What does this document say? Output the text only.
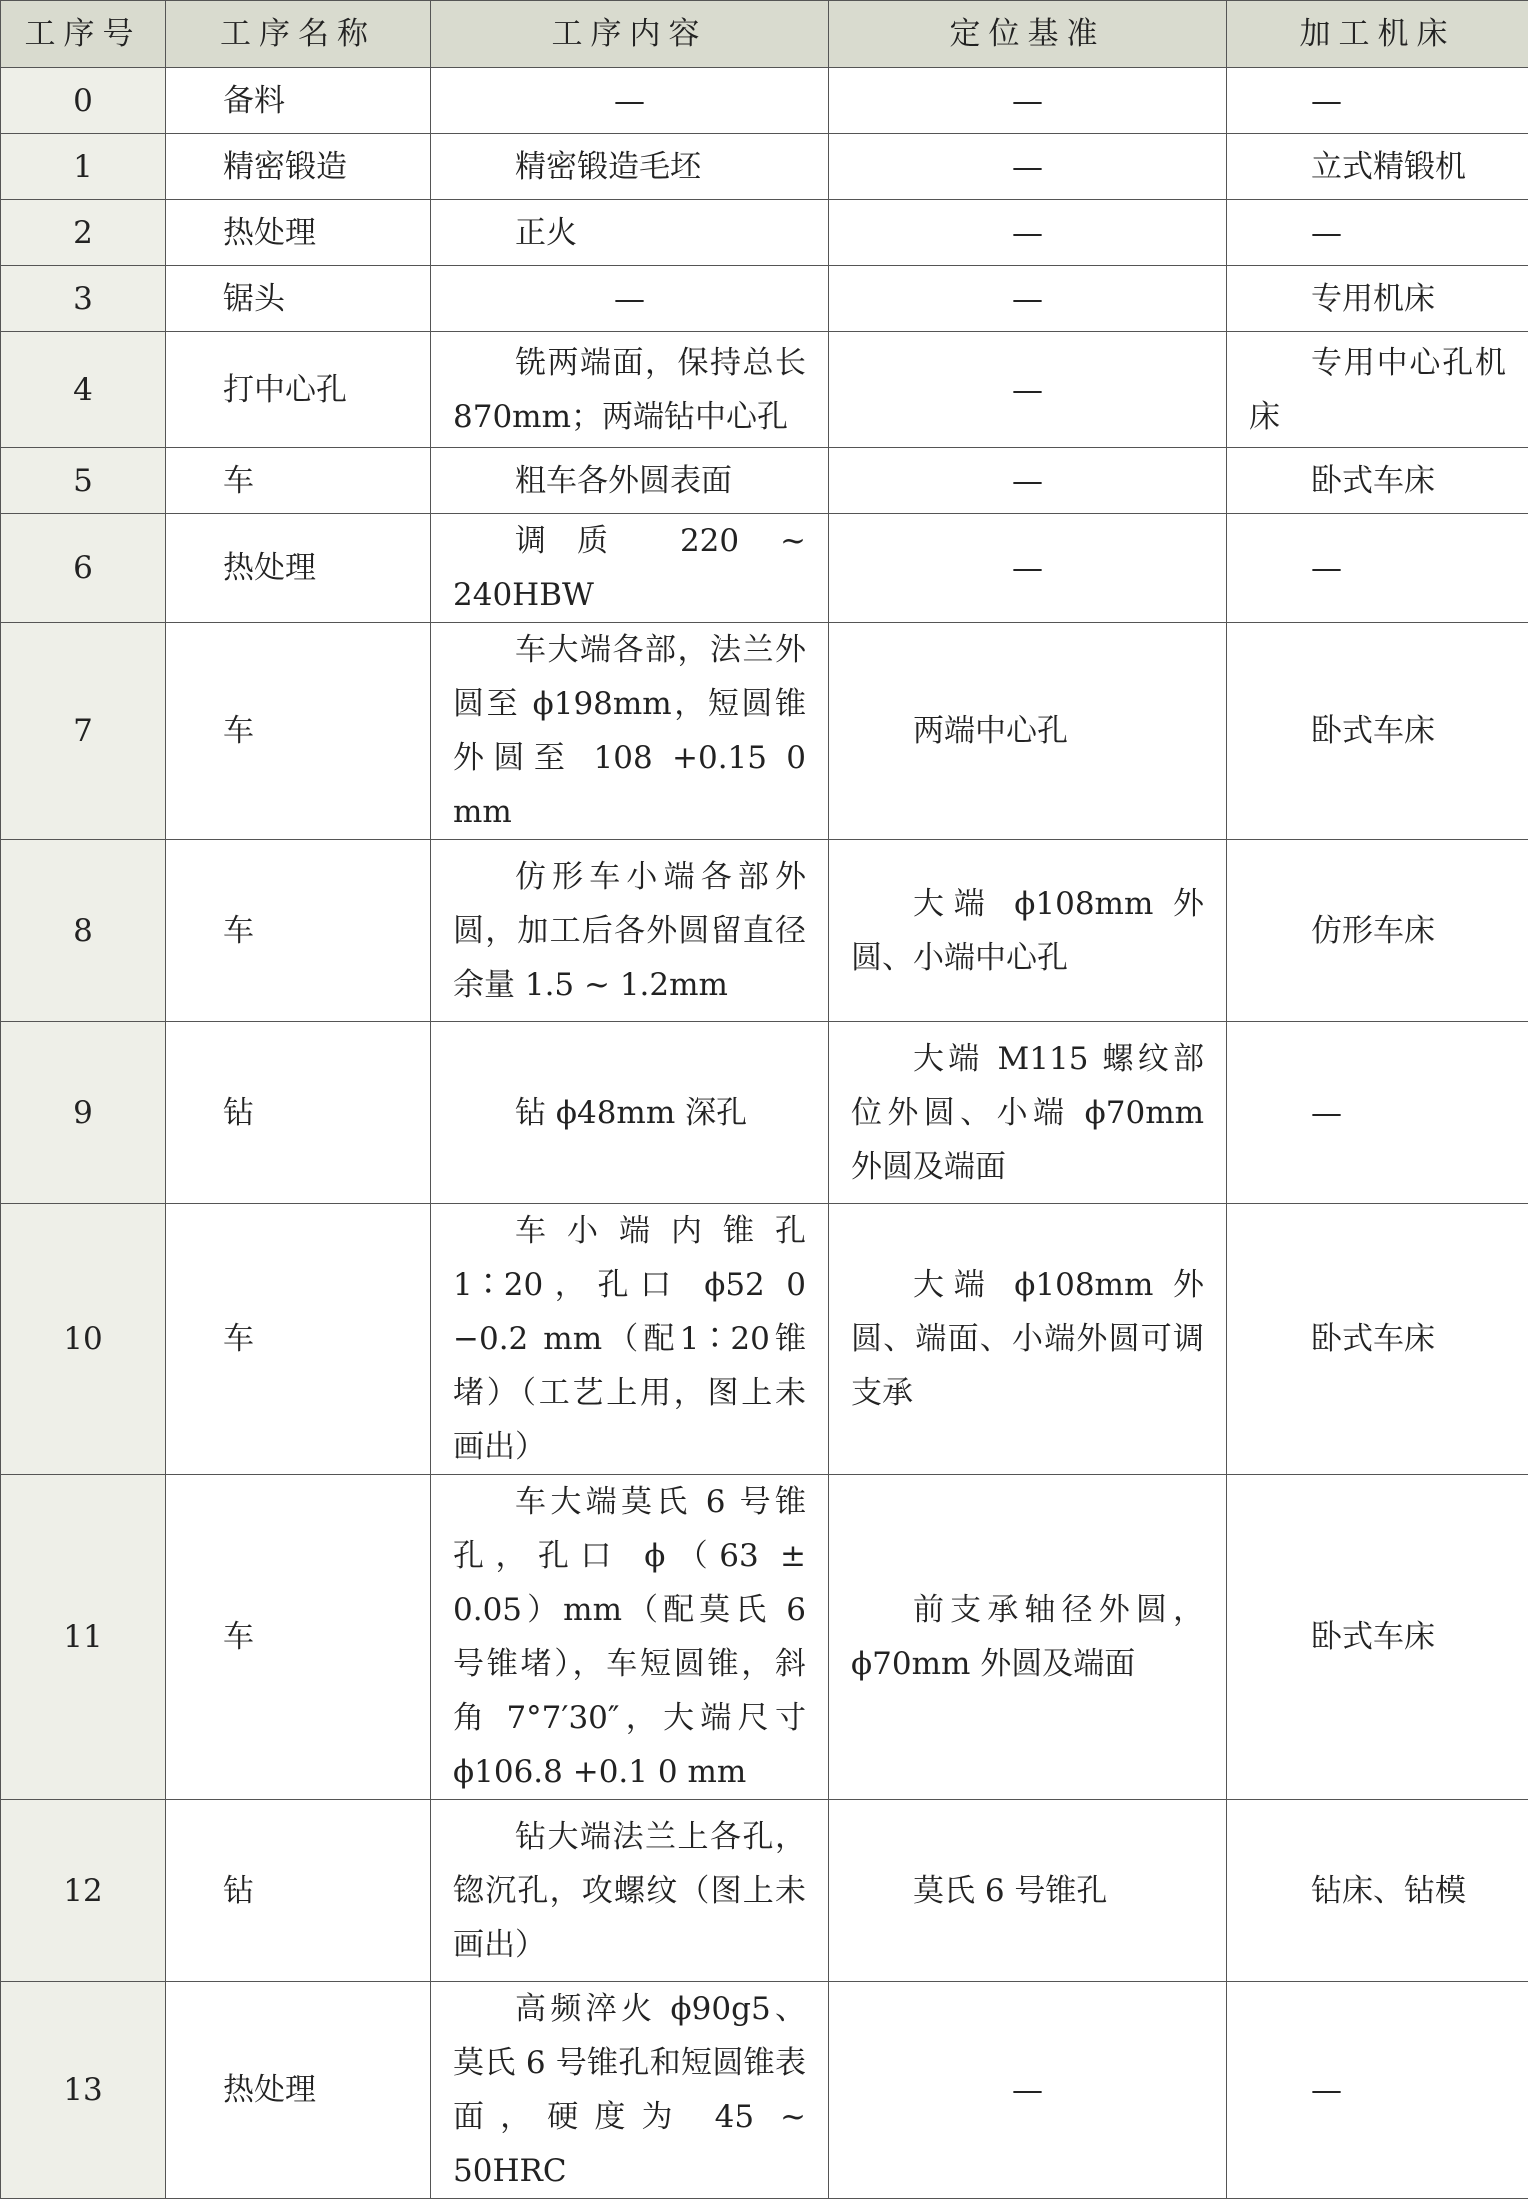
工序号	工序名称	工序内容	定位基准	加工机床
0	备料	—	—	—
1	精密锻造	精密锻造毛坯	—	立式精锻机
2	热处理	正火	—	—
3	锯头	—	—	专用机床
4	打中心孔	铣两端面，保持总长870mm；两端钻中心孔	—	专用中心孔机床
5	车	粗车各外圆表面	—	卧式车床
6	热处理	调质 220 ~ 240HBW	—	—
7	车	车大端各部，法兰外圆至 ϕ198mm，短圆锥外圆至 108 +0.15 0 mm	两端中心孔	卧式车床
8	车	仿形车小端各部外圆，加工后各外圆留直径余量 1.5 ~ 1.2mm	大端 ϕ108mm 外圆、小端中心孔	仿形车床
9	钻	钻 ϕ48mm 深孔	大端 M115 螺纹部位外圆、小端 ϕ70mm 外圆及端面	—
10	车	车小端内锥孔 1∶20，孔口 ϕ52 0 −0.2 mm（配1∶20锥堵）（工艺上用，图上未画出）	大端 ϕ108mm 外圆、端面、小端外圆可调支承	卧式车床
11	车	车大端莫氏 6 号锥孔，孔口 ϕ（63 ± 0.05）mm（配莫氏 6 号锥堵），车短圆锥，斜角 7°7′30″，大端尺寸 ϕ106.8 +0.1 0 mm	前支承轴径外圆，ϕ70mm 外圆及端面	卧式车床
12	钻	钻大端法兰上各孔，锪沉孔，攻螺纹（图上未画出）	莫氏 6 号锥孔	钻床、钻模
13	热处理	高频淬火 ϕ90g5、莫氏 6 号锥孔和短圆锥表面，硬度为 45 ~ 50HRC	—	—
